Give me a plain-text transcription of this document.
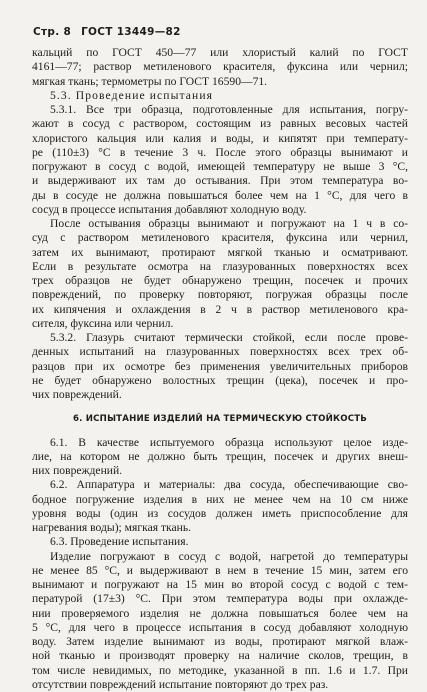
Стр. 8 ГОСТ 13449—82

кальций по ГОСТ 450—77 или хлористый калий по ГОСТ
4161—77; раствор метиленового красителя, фуксина или чернил;
мягкая ткань; термометры по ГОСТ 16590—71.

5.3. Проведение испытания

5.3.1. Все три образца, подготовленные для испытания, погру-
жают в сосуд с раствором, состоящим из равных весовых частей
хлористого кальция или калия и воды, и кипятят при температу-
ре (110±3) °С в течение 3 ч. После этого образцы вынимают и
погружают в сосуд с водой, имеющей температуру не выше 3 °С,
и выдерживают их там до остывания. При этом температура во-
ды в сосуде не должна повышаться более чем на 1 °С, для чего в
сосуд в процессе испытания добавляют холодную воду.

После остывания образцы вынимают и погружают на 1 ч в со-
суд с раствором метиленового красителя, фуксина или чернил,
затем их вынимают, протирают мягкой тканью и осматривают.
Если в результате осмотра на глазурованных поверхностях всех
трех образцов не будет обнаружено трещин, посечек и прочих
повреждений, по проверку повторяют, погружая образцы после
их кипячения и охлаждения в 2 ч в раствор метиленового кра-
сителя, фуксина или чернил.

5.3.2. Глазурь считают термически стойкой, если после прове-
денных испытаний на глазурованных поверхностях всех трех об-
разцов при их осмотре без применения увеличительных приборов
не будет обнаружено волостных трещин (цека), посечек и про-
чих повреждений.

6. ИСПЫТАНИЕ ИЗДЕЛИЙ НА ТЕРМИЧЕСКУЮ СТОЙКОСТЬ

6.1. В качестве испытуемого образца используют целое изде-
лие, на котором не должно быть трещин, посечек и других внеш-
них повреждений.

6.2. Аппаратура и материалы: два сосуда, обеспечивающие сво-
бодное погружение изделия в них не менее чем на 10 см ниже
уровня воды (один из сосудов должен иметь приспособление для
нагревания воды); мягкая ткань.

6.3. Проведение испытания.

Изделие погружают в сосуд с водой, нагретой до температуры
не менее 85 °С, и выдерживают в нем в течение 15 мин, затем его
вынимают и погружают на 15 мин во второй сосуд с водой с тем-
пературой (17±3) °С. При этом температура воды при охлажде-
нии проверяемого изделия не должна повышаться более чем на
5 °С, для чего в процессе испытания в сосуд добавляют холодную
воду. Затем изделие вынимают из воды, протирают мягкой влаж-
ной тканью и производят проверку на наличие сколов, трещин, в
том числе невидимых, по методике, указанной в пп. 1.6 и 1.7. При
отсутствии повреждений испытание повторяют до трех раз.
